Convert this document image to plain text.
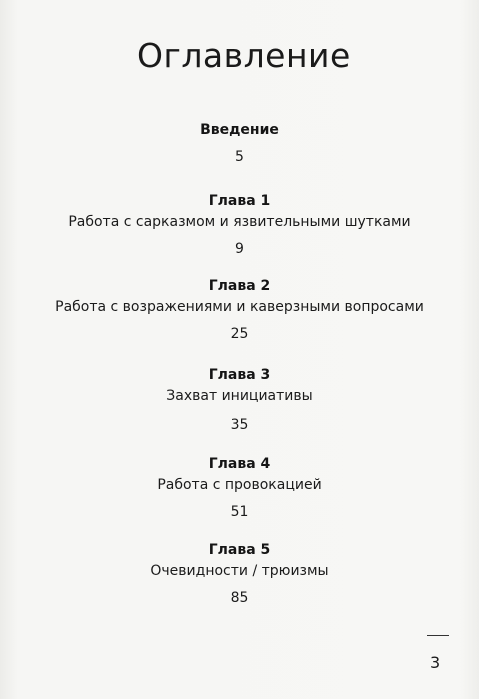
Оглавление
Введение
5
Глава 1
Работа с сарказмом и язвительными шутками
9
Глава 2
Работа с возражениями и каверзными вопросами
25
Глава 3
Захват инициативы
35
Глава 4
Работа с провокацией
51
Глава 5
Очевидности / трюизмы
85
3
